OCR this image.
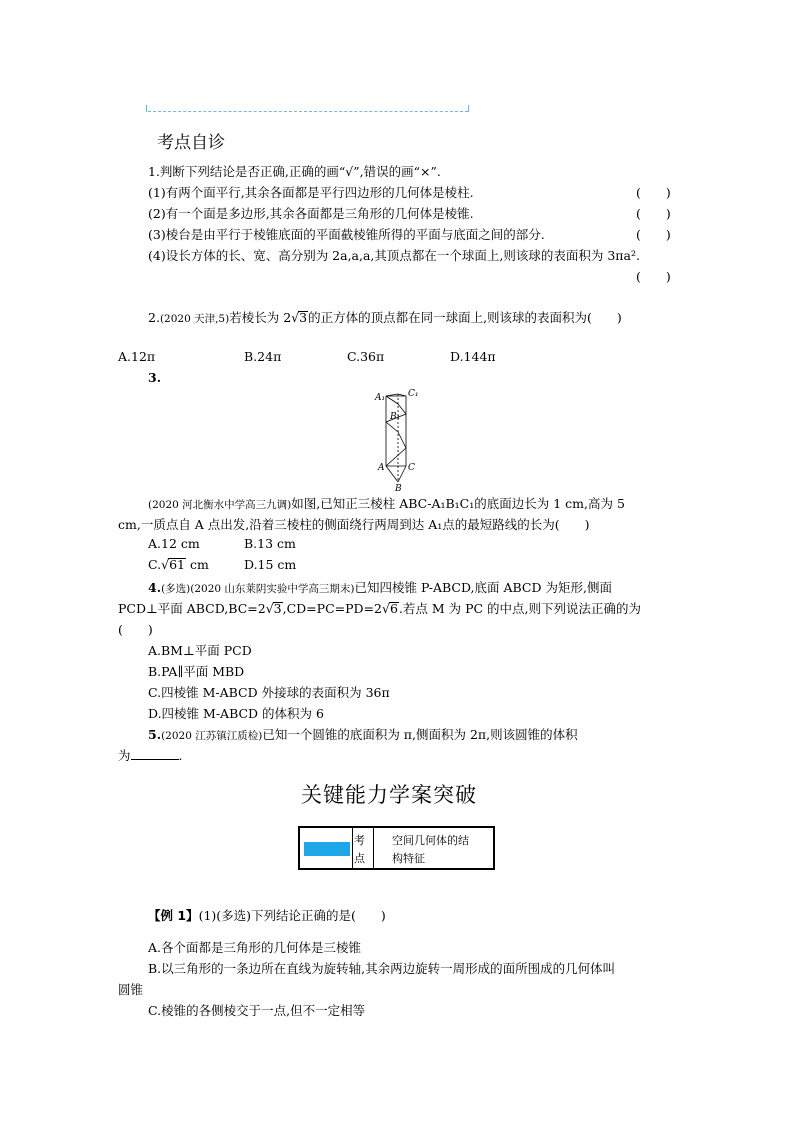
考点自诊
1.判断下列结论是否正确,正确的画“√”,错误的画“×”.
(1)有两个面平行,其余各面都是平行四边形的几何体是棱柱.	(　　)
(2)有一个面是多边形,其余各面都是三角形的几何体是棱锥.	(　　)
(3)棱台是由平行于棱锥底面的平面截棱锥所得的平面与底面之间的部分.	(　　)
(4)设长方体的长、宽、高分别为 2a,a,a,其顶点都在一个球面上,则该球的表面积为 3πa².
(　　)
2.(2020 天津,5)若棱长为 2√3的正方体的顶点都在同一球面上,则该球的表面积为(　　)
A.12π	B.24π	C.36π	D.144π
3.
A₁	C₁
B₁
A	C
B
(2020 河北衡水中学高三九调)如图,已知正三棱柱 ABC-A₁B₁C₁的底面边长为 1 cm,高为 5
cm,一质点自 A 点出发,沿着三棱柱的侧面绕行两周到达 A₁点的最短路线的长为(　　)
A.12 cm	B.13 cm
C.√61 cm	D.15 cm
4.(多选)(2020 山东莱阴实验中学高三期末)已知四棱锥 P-ABCD,底面 ABCD 为矩形,侧面
PCD⊥平面 ABCD,BC=2√3,CD=PC=PD=2√6.若点 M 为 PC 的中点,则下列说法正确的为
(　　)
A.BM⊥平面 PCD
B.PA∥平面 MBD
C.四棱锥 M-ABCD 外接球的表面积为 36π
D.四棱锥 M-ABCD 的体积为 6
5.(2020 江苏镇江质检)已知一个圆锥的底面积为 π,侧面积为 2π,则该圆锥的体积
为	.
关键能力学案突破
考
点
空间几何体的结
构特征
【例 1】(1)(多选)下列结论正确的是(　　)
A.各个面都是三角形的几何体是三棱锥
B.以三角形的一条边所在直线为旋转轴,其余两边旋转一周形成的面所围成的几何体叫
圆锥
C.棱锥的各侧棱交于一点,但不一定相等
